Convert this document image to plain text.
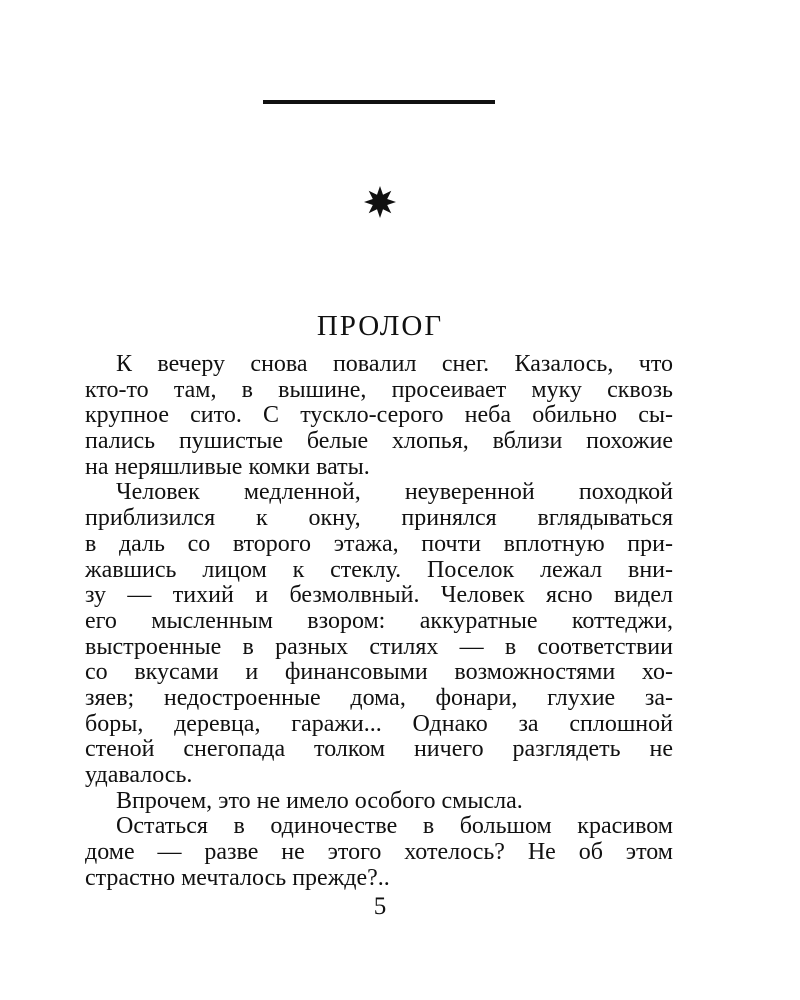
ПРОЛОГ
К вечеру снова повалил снег. Казалось, что
кто-то там, в вышине, просеивает муку сквозь
крупное сито. С тускло-серого неба обильно сы-
пались пушистые белые хлопья, вблизи похожие
на неряшливые комки ваты.
Человек медленной, неуверенной походкой
приблизился к окну, принялся вглядываться
в даль со второго этажа, почти вплотную при-
жавшись лицом к стеклу. Поселок лежал вни-
зу — тихий и безмолвный. Человек ясно видел
его мысленным взором: аккуратные коттеджи,
выстроенные в разных стилях — в соответствии
со вкусами и финансовыми возможностями хо-
зяев; недостроенные дома, фонари, глухие за-
боры, деревца, гаражи... Однако за сплошной
стеной снегопада толком ничего разглядеть не
удавалось.
Впрочем, это не имело особого смысла.
Остаться в одиночестве в большом красивом
доме — разве не этого хотелось? Не об этом
страстно мечталось прежде?..
5
